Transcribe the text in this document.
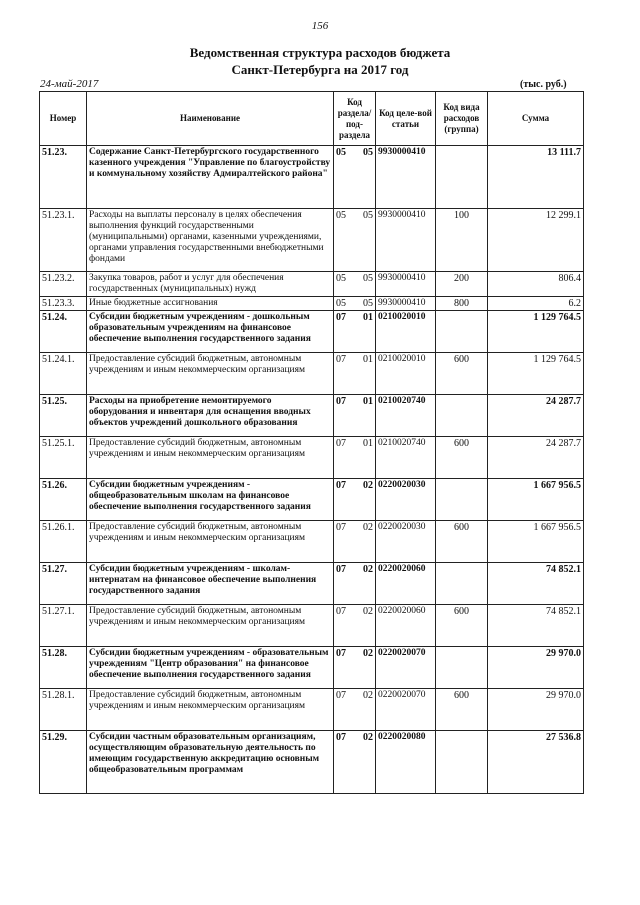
156
Ведомственная структура расходов бюджета
Санкт-Петербурга на 2017 год
24-май-2017	(тыс. руб.)
Номер	Наименование	Код раздела/ под-раздела	Код целе-вой статьи	Код вида расходов (группа)	Сумма
51.23.	Содержание Санкт-Петербургского государственного казенного учреждения "Управление по благоустройству и коммунальному хозяйству Адмиралтейского района"	05 05	9930000410		13 111.7
51.23.1.	Расходы на выплаты персоналу в целях обеспечения выполнения функций государственными (муниципальными) органами, казенными учреждениями, органами управления государственными внебюджетными фондами	05 05	9930000410	100	12 299.1
51.23.2.	Закупка товаров, работ и услуг для обеспечения государственных (муниципальных) нужд	05 05	9930000410	200	806.4
51.23.3.	Иные бюджетные ассигнования	05 05	9930000410	800	6.2
51.24.	Субсидии бюджетным учреждениям - дошкольным образовательным учреждениям на финансовое обеспечение выполнения государственного задания	07 01	0210020010		1 129 764.5
51.24.1.	Предоставление субсидий бюджетным, автономным учреждениям и иным некоммерческим организациям	07 01	0210020010	600	1 129 764.5
51.25.	Расходы на приобретение немонтируемого оборудования и инвентаря для оснащения вводных объектов учреждений дошкольного образования	07 01	0210020740		24 287.7
51.25.1.	Предоставление субсидий бюджетным, автономным учреждениям и иным некоммерческим организациям	07 01	0210020740	600	24 287.7
51.26.	Субсидии бюджетным учреждениям - общеобразовательным школам на финансовое обеспечение выполнения государственного задания	07 02	0220020030		1 667 956.5
51.26.1.	Предоставление субсидий бюджетным, автономным учреждениям и иным некоммерческим организациям	07 02	0220020030	600	1 667 956.5
51.27.	Субсидии бюджетным учреждениям - школам-интернатам на финансовое обеспечение выполнения государственного задания	07 02	0220020060		74 852.1
51.27.1.	Предоставление субсидий бюджетным, автономным учреждениям и иным некоммерческим организациям	07 02	0220020060	600	74 852.1
51.28.	Субсидии бюджетным учреждениям - образовательным учреждениям "Центр образования" на финансовое обеспечение выполнения государственного задания	07 02	0220020070		29 970.0
51.28.1.	Предоставление субсидий бюджетным, автономным учреждениям и иным некоммерческим организациям	07 02	0220020070	600	29 970.0
51.29.	Субсидии частным образовательным организациям, осуществляющим образовательную деятельность по имеющим государственную аккредитацию основным общеобразовательным программам	07 02	0220020080		27 536.8
